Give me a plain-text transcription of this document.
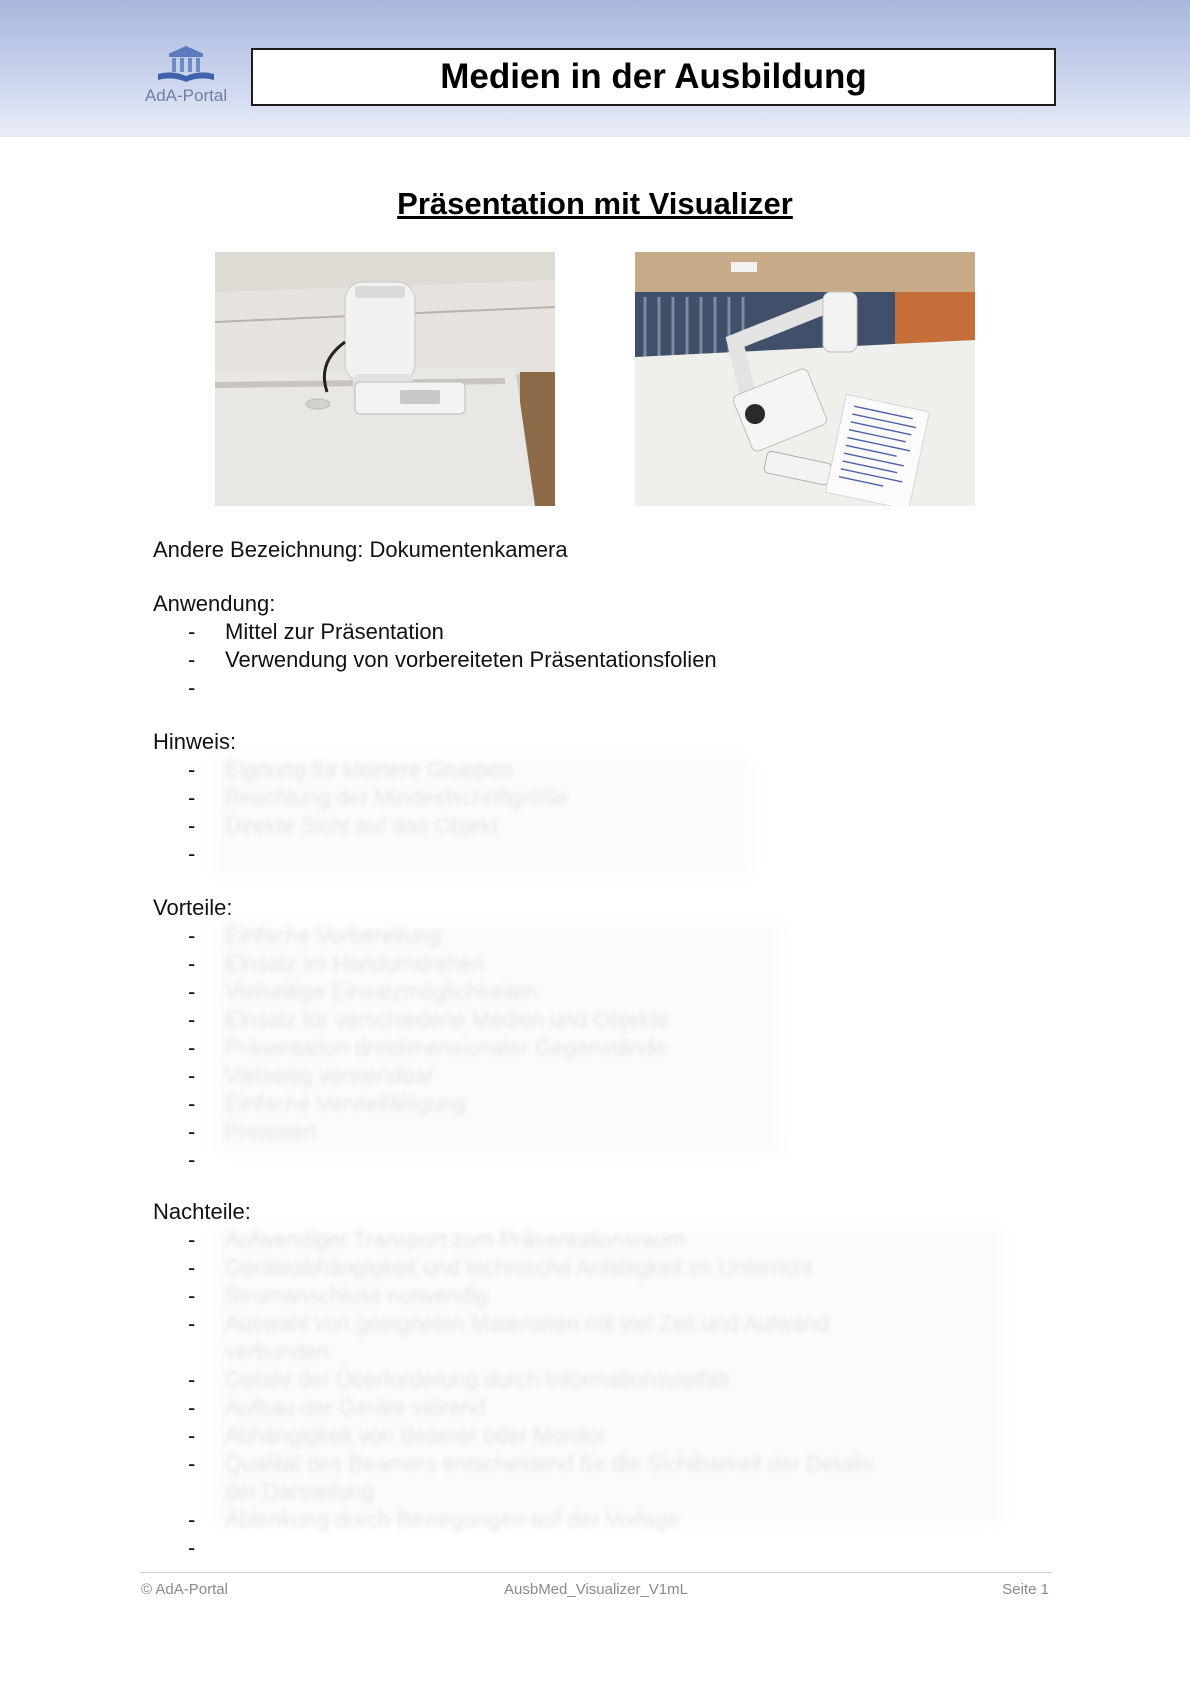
AdA-Portal	Medien in der Ausbildung
Präsentation mit Visualizer
Andere Bezeichnung: Dokumentenkamera
Anwendung:
- Mittel zur Präsentation
- Verwendung von vorbereiteten Präsentationsfolien
-
Hinweis:
- Eignung für kleinere Gruppen
- Beachtung der Mindestschriftgröße
- Direkte Sicht auf das Objekt
-
Vorteile:
- Einfache Vorbereitung
- Einsatz im Handumdrehen
- Vielseitige Einsatzmöglichkeiten
- Einsatz für verschiedene Medien und Objekte
- Präsentation dreidimensionaler Gegenstände
- Vielseitig verwendbar
- Einfache Vervielfältigung
- Preiswert
-
Nachteile:
- Aufwendiger Transport zum Präsentationsraum
- Geräteabhängigkeit und technische Anfälligkeit im Unterricht
- Stromanschluss notwendig
- Auswahl von geeigneten Materialien mit viel Zeit und Aufwand verbunden
- Gefahr der Überforderung durch Informationsvielfalt
- Aufbau der Geräte störend
- Abhängigkeit von Beamer oder Monitor
- Qualität des Beamers entscheidend für die Sichtbarkeit der Details der Darstellung
- Ablenkung durch Bewegungen auf der Vorlage
-
© AdA-Portal	AusbMed_Visualizer_V1mL	Seite 1
